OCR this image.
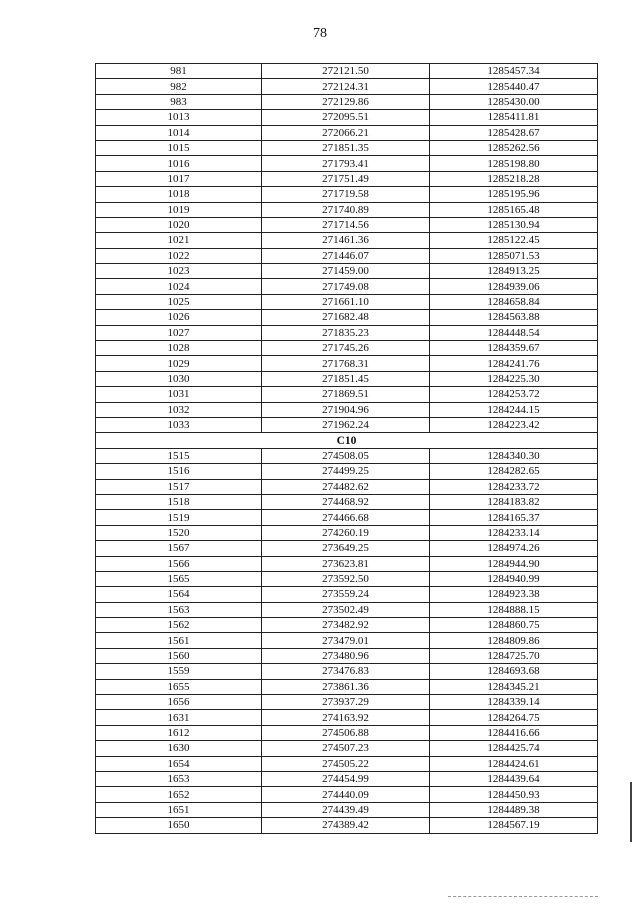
78
981	272121.50	1285457.34
982	272124.31	1285440.47
983	272129.86	1285430.00
1013	272095.51	1285411.81
1014	272066.21	1285428.67
1015	271851.35	1285262.56
1016	271793.41	1285198.80
1017	271751.49	1285218.28
1018	271719.58	1285195.96
1019	271740.89	1285165.48
1020	271714.56	1285130.94
1021	271461.36	1285122.45
1022	271446.07	1285071.53
1023	271459.00	1284913.25
1024	271749.08	1284939.06
1025	271661.10	1284658.84
1026	271682.48	1284563.88
1027	271835.23	1284448.54
1028	271745.26	1284359.67
1029	271768.31	1284241.76
1030	271851.45	1284225.30
1031	271869.51	1284253.72
1032	271904.96	1284244.15
1033	271962.24	1284223.42
С10		
1515	274508.05	1284340.30
1516	274499.25	1284282.65
1517	274482.62	1284233.72
1518	274468.92	1284183.82
1519	274466.68	1284165.37
1520	274260.19	1284233.14
1567	273649.25	1284974.26
1566	273623.81	1284944.90
1565	273592.50	1284940.99
1564	273559.24	1284923.38
1563	273502.49	1284888.15
1562	273482.92	1284860.75
1561	273479.01	1284809.86
1560	273480.96	1284725.70
1559	273476.83	1284693.68
1655	273861.36	1284345.21
1656	273937.29	1284339.14
1631	274163.92	1284264.75
1612	274506.88	1284416.66
1630	274507.23	1284425.74
1654	274505.22	1284424.61
1653	274454.99	1284439.64
1652	274440.09	1284450.93
1651	274439.49	1284489.38
1650	274389.42	1284567.19
